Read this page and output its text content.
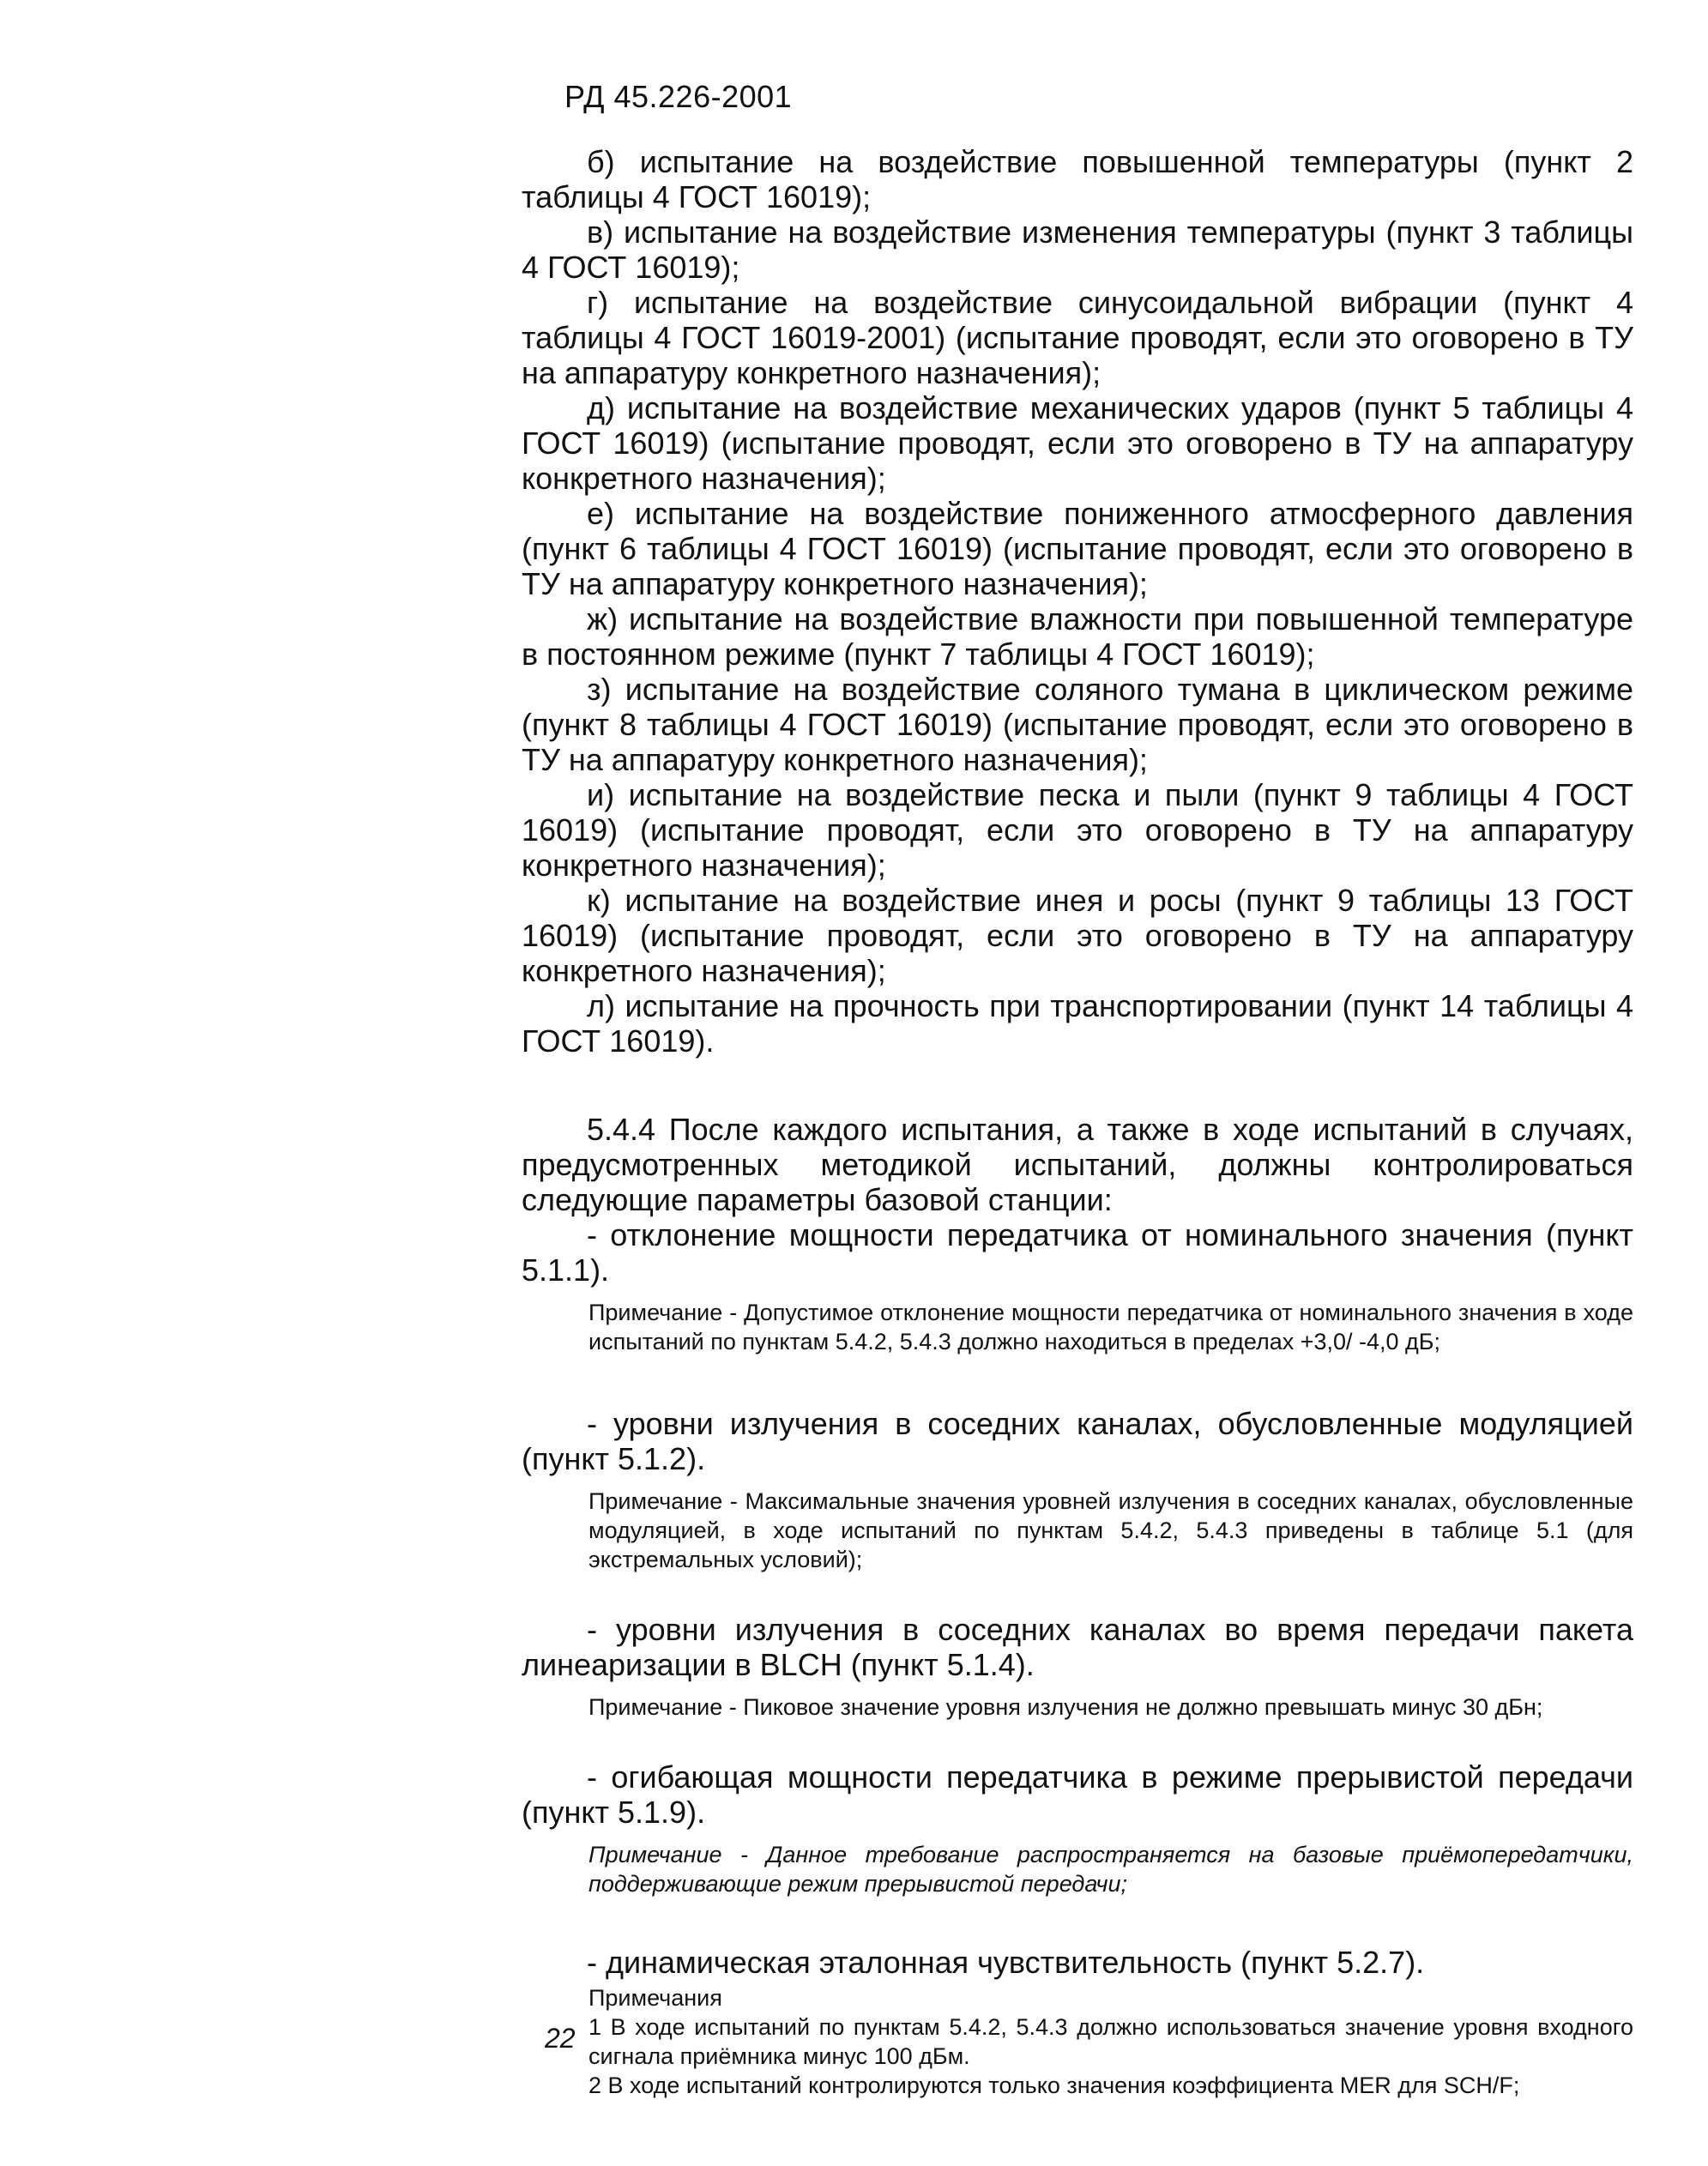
РД 45.226-2001

б) испытание на воздействие повышенной температуры (пункт 2 таблицы 4 ГОСТ 16019);

в) испытание на воздействие изменения температуры (пункт 3 таблицы 4 ГОСТ 16019);

г) испытание на воздействие синусоидальной вибрации (пункт 4 таблицы 4 ГОСТ 16019-2001) (испытание проводят, если это оговорено в ТУ на аппаратуру конкретного назначения);

д) испытание на воздействие механических ударов (пункт 5 таблицы 4 ГОСТ 16019) (испытание проводят, если это оговорено в ТУ на аппаратуру конкретного назначения);

е) испытание на воздействие пониженного атмосферного давления (пункт 6 таблицы 4 ГОСТ 16019) (испытание проводят, если это оговорено в ТУ на аппаратуру конкретного назначения);

ж) испытание на воздействие влажности при повышенной температуре в постоянном режиме (пункт 7 таблицы 4 ГОСТ 16019);

з) испытание на воздействие соляного тумана в циклическом режиме (пункт 8 таблицы 4 ГОСТ 16019) (испытание проводят, если это оговорено в ТУ на аппаратуру конкретного назначения);

и) испытание на воздействие песка и пыли (пункт 9 таблицы 4 ГОСТ 16019) (испытание проводят, если это оговорено в ТУ на аппаратуру конкретного назначения);

к) испытание на воздействие инея и росы (пункт 9 таблицы 13 ГОСТ 16019) (испытание проводят, если это оговорено в ТУ на аппаратуру конкретного назначения);

л) испытание на прочность при транспортировании (пункт 14 таблицы 4 ГОСТ 16019).

5.4.4 После каждого испытания, а также в ходе испытаний в случаях, предусмотренных методикой испытаний, должны контролироваться следующие параметры базовой станции:

- отклонение мощности передатчика от номинального значения (пункт 5.1.1).

Примечание - Допустимое отклонение мощности передатчика от номинального значения в ходе испытаний по пунктам 5.4.2, 5.4.3 должно находиться в пределах +3,0/ -4,0 дБ;

- уровни излучения в соседних каналах, обусловленные модуляцией (пункт 5.1.2).

Примечание - Максимальные значения уровней излучения в соседних каналах, обусловленные модуляцией, в ходе испытаний по пунктам 5.4.2, 5.4.3 приведены в таблице 5.1 (для экстремальных условий);

- уровни излучения в соседних каналах во время передачи пакета линеаризации в BLCH (пункт 5.1.4).

Примечание - Пиковое значение уровня излучения не должно превышать минус 30 дБн;

- огибающая мощности передатчика в режиме прерывистой передачи (пункт 5.1.9).

Примечание - Данное требование распространяется на базовые приёмопередатчики, поддерживающие режим прерывистой передачи;

- динамическая эталонная чувствительность (пункт 5.2.7).

Примечания

1 В ходе испытаний по пунктам 5.4.2, 5.4.3 должно использоваться значение уровня входного сигнала приёмника минус 100 дБм.

2 В ходе испытаний контролируются только значения коэффициента MER для SCH/F;

22
